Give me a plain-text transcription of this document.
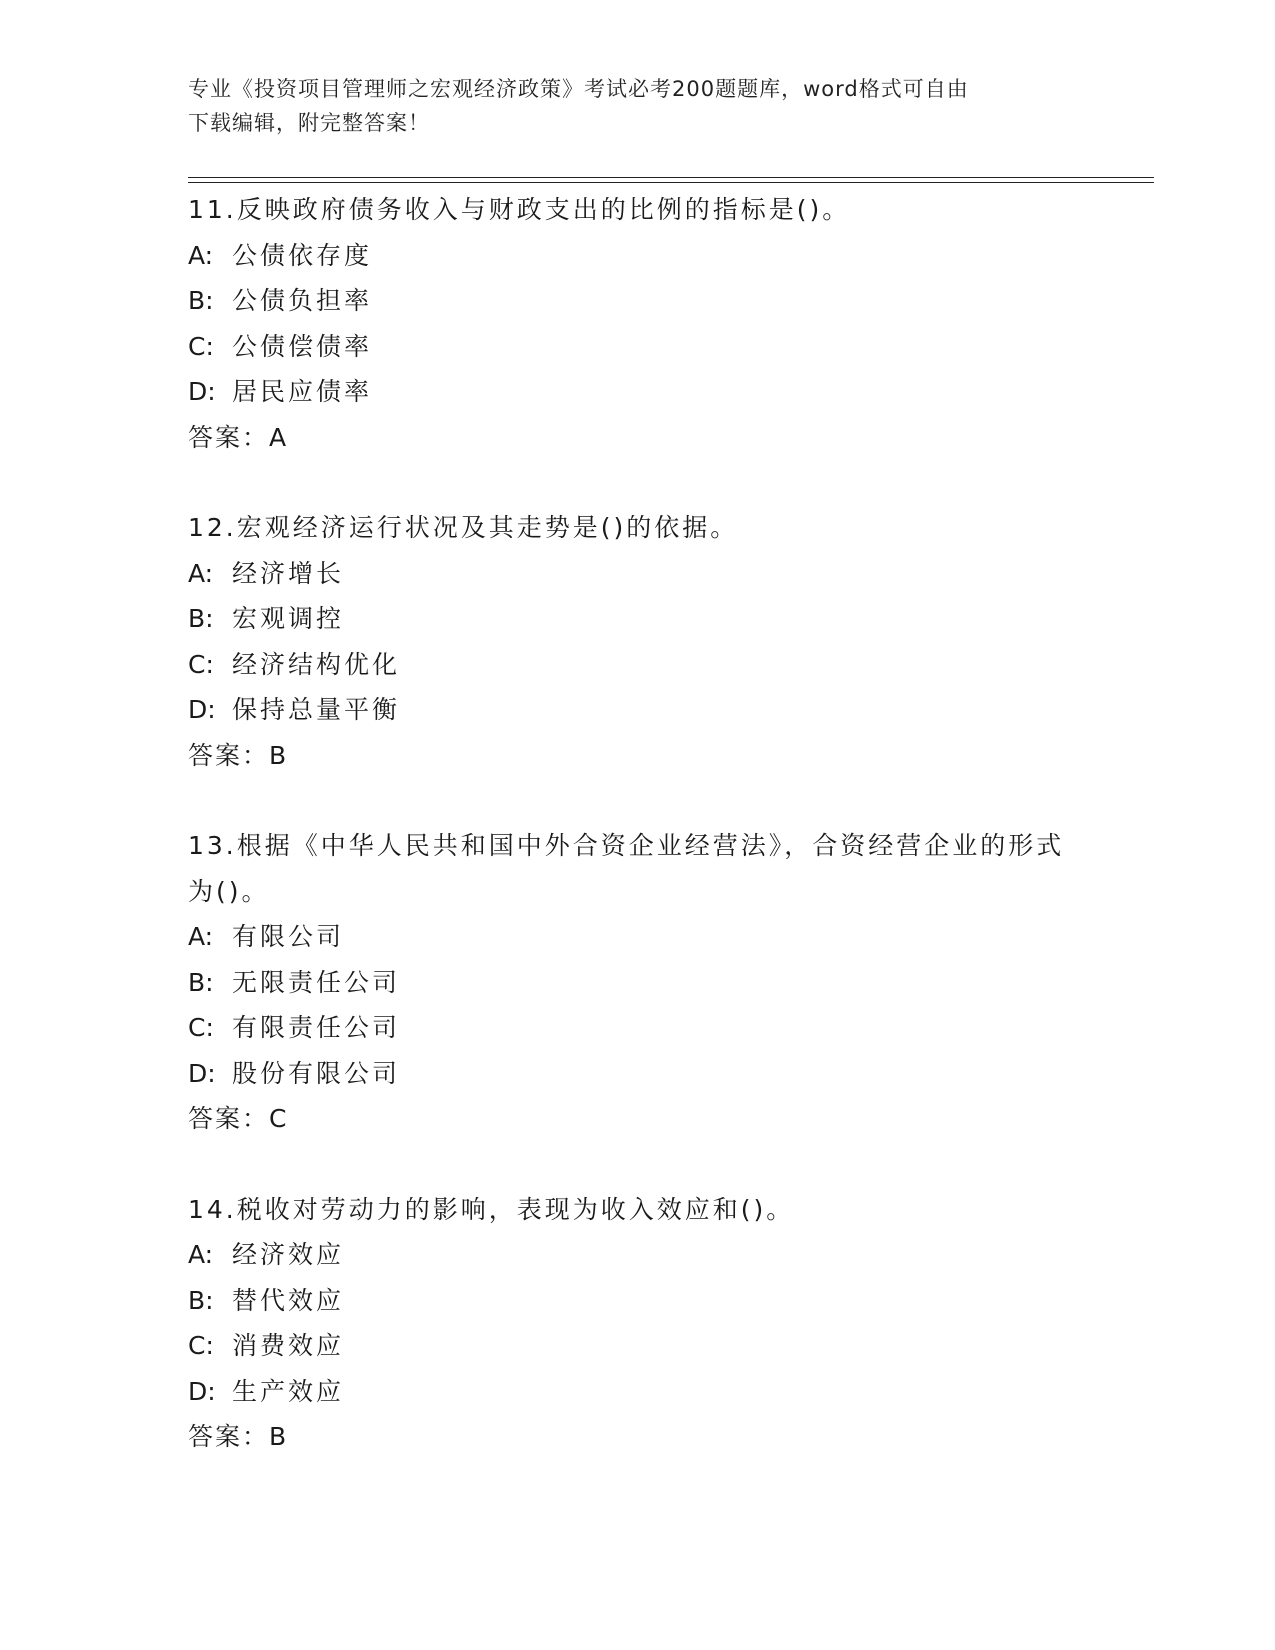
专业《投资项目管理师之宏观经济政策》考试必考200题题库，word格式可自由
下载编辑，附完整答案！
11.反映政府债务收入与财政支出的比例的指标是()。
A: 公债依存度
B: 公债负担率
C: 公债偿债率
D: 居民应债率
答案：A
12.宏观经济运行状况及其走势是()的依据。
A: 经济增长
B: 宏观调控
C: 经济结构优化
D: 保持总量平衡
答案：B
13.根据《中华人民共和国中外合资企业经营法》，合资经营企业的形式为()。
A: 有限公司
B: 无限责任公司
C: 有限责任公司
D: 股份有限公司
答案：C
14.税收对劳动力的影响，表现为收入效应和()。
A: 经济效应
B: 替代效应
C: 消费效应
D: 生产效应
答案：B
